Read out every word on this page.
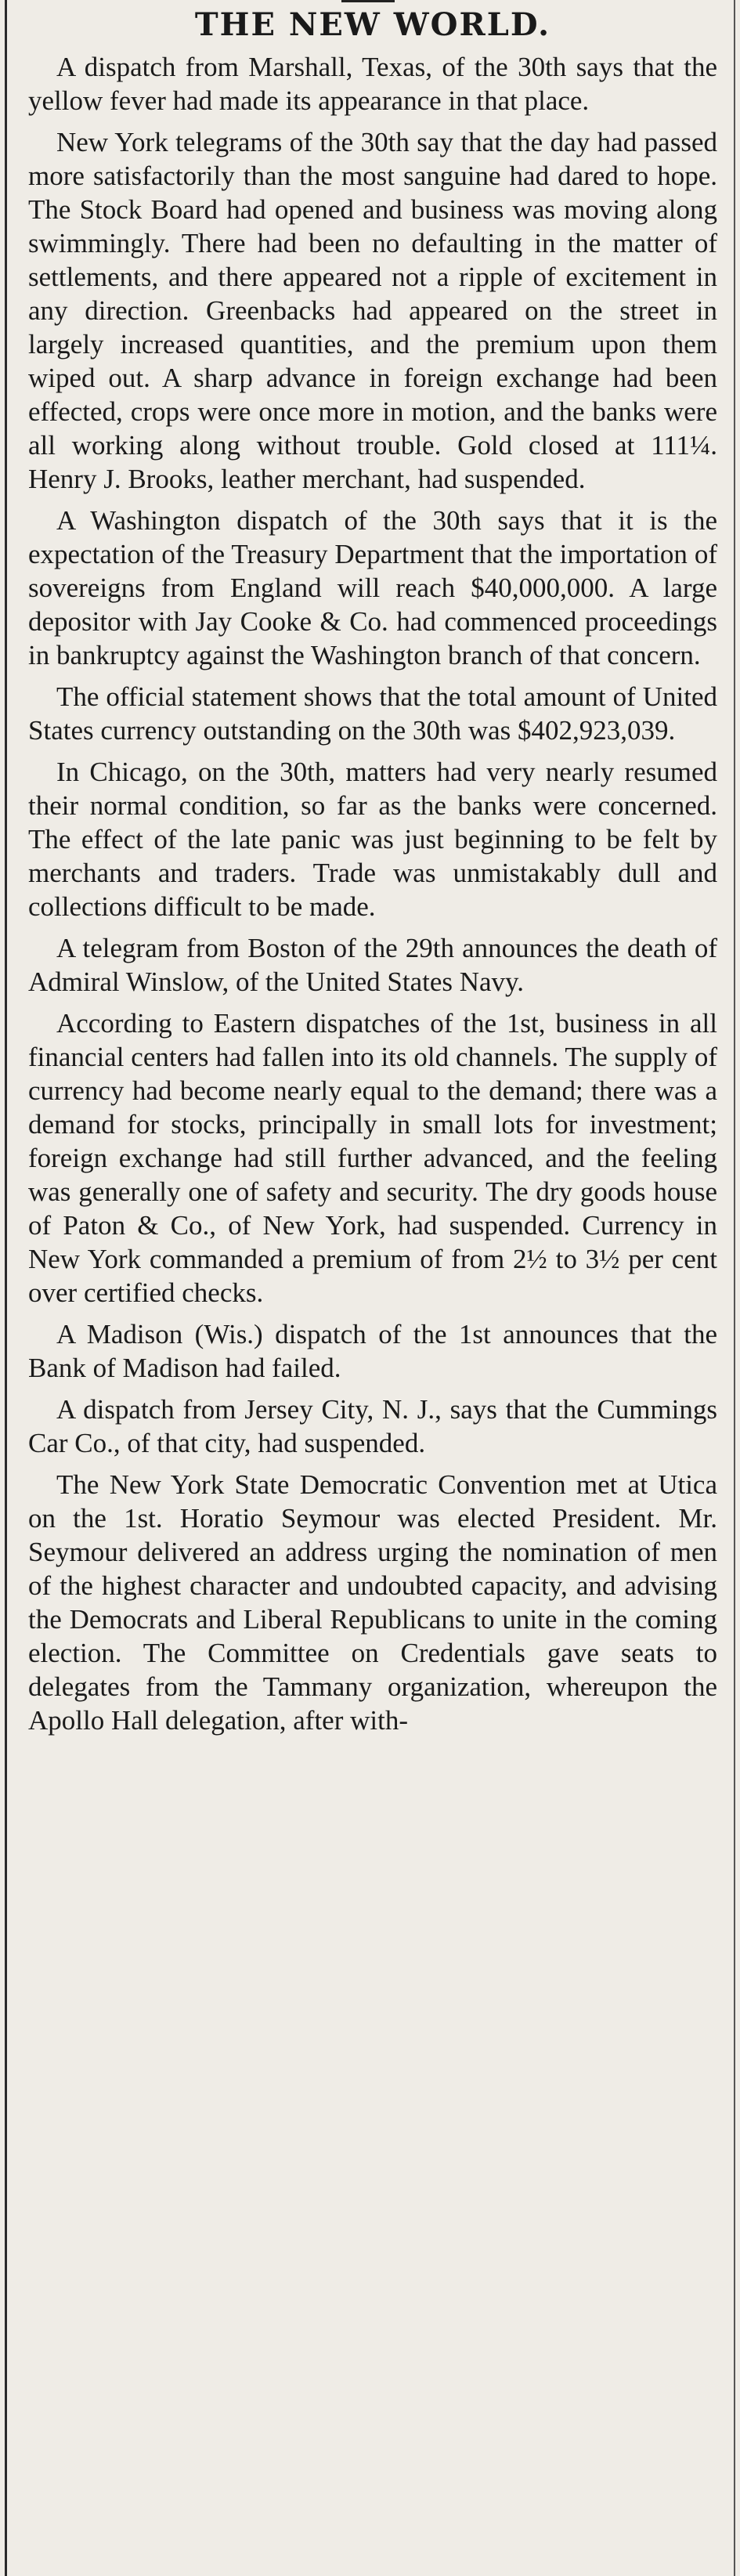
THE NEW WORLD.

A dispatch from Marshall, Texas, of the 30th says that the yellow fever had made its appearance in that place.

New York telegrams of the 30th say that the day had passed more satisfactorily than the most sanguine had dared to hope. The Stock Board had opened and business was moving along swimmingly. There had been no defaulting in the matter of settlements, and there appeared not a ripple of excitement in any direction. Greenbacks had appeared on the street in largely increased quantities, and the premium upon them wiped out. A sharp advance in foreign exchange had been effected, crops were once more in motion, and the banks were all working along without trouble. Gold closed at 111¼. Henry J. Brooks, leather merchant, had suspended.

A Washington dispatch of the 30th says that it is the expectation of the Treasury Department that the importation of sovereigns from England will reach $40,000,000. A large depositor with Jay Cooke & Co. had commenced proceedings in bankruptcy against the Washington branch of that concern.

The official statement shows that the total amount of United States currency outstanding on the 30th was $402,923,039.

In Chicago, on the 30th, matters had very nearly resumed their normal condition, so far as the banks were concerned. The effect of the late panic was just beginning to be felt by merchants and traders. Trade was unmistakably dull and collections difficult to be made.

A telegram from Boston of the 29th announces the death of Admiral Winslow, of the United States Navy.

According to Eastern dispatches of the 1st, business in all financial centers had fallen into its old channels. The supply of currency had become nearly equal to the demand; there was a demand for stocks, principally in small lots for investment; foreign exchange had still further advanced, and the feeling was generally one of safety and security. The dry goods house of Paton & Co., of New York, had suspended. Currency in New York commanded a premium of from 2½ to 3½ per cent over certified checks.

A Madison (Wis.) dispatch of the 1st announces that the Bank of Madison had failed.

A dispatch from Jersey City, N. J., says that the Cummings Car Co., of that city, had suspended.

The New York State Democratic Convention met at Utica on the 1st. Horatio Seymour was elected President. Mr. Seymour delivered an address urging the nomination of men of the highest character and undoubted capacity, and advising the Democrats and Liberal Republicans to unite in the coming election. The Committee on Credentials gave seats to delegates from the Tammany organization, whereupon the Apollo Hall delegation, after with-
